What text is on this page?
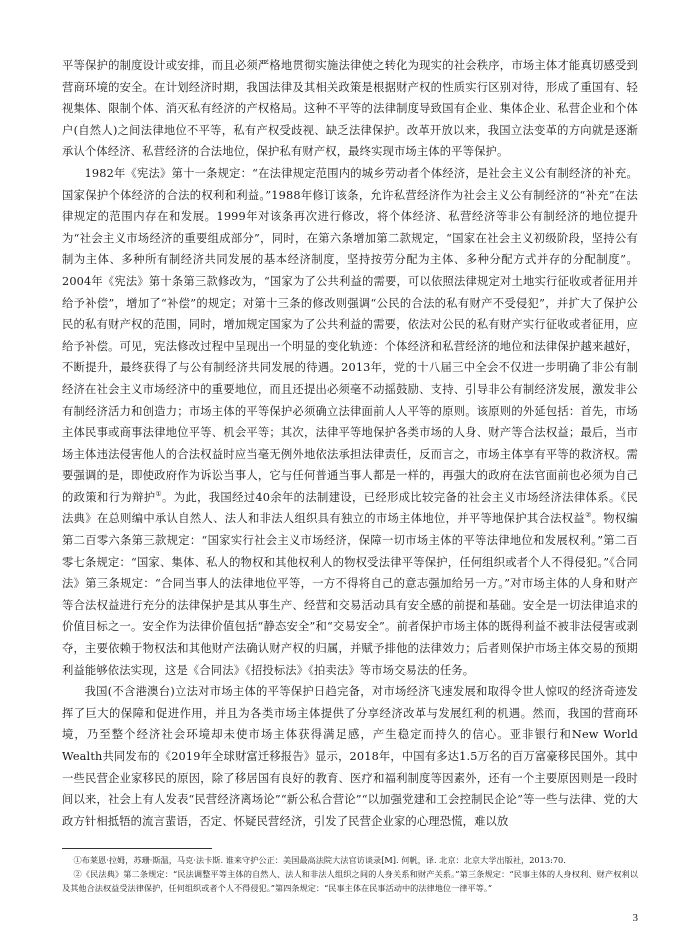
平等保护的制度设计或安排，而且必须严格地贯彻实施法律使之转化为现实的社会秩序，市场主体才能真切感受到营商环境的安全。在计划经济时期，我国法律及其相关政策是根据财产权的性质实行区别对待，形成了重国有、轻视集体、限制个体、消灭私有经济的产权格局。这种不平等的法律制度导致国有企业、集体企业、私营企业和个体户(自然人)之间法律地位不平等，私有产权受歧视、缺乏法律保护。改革开放以来，我国立法变革的方向就是逐渐承认个体经济、私营经济的合法地位，保护私有财产权，最终实现市场主体的平等保护。

1982年《宪法》第十一条规定：“在法律规定范围内的城乡劳动者个体经济，是社会主义公有制经济的补充。国家保护个体经济的合法的权利和利益。”1988年修订该条，允许私营经济作为社会主义公有制经济的“补充”在法律规定的范围内存在和发展。1999年对该条再次进行修改，将个体经济、私营经济等非公有制经济的地位提升为“社会主义市场经济的重要组成部分”，同时，在第六条增加第二款规定，“国家在社会主义初级阶段，坚持公有制为主体、多种所有制经济共同发展的基本经济制度，坚持按劳分配为主体、多种分配方式并存的分配制度”。2004年《宪法》第十条第三款修改为，“国家为了公共利益的需要，可以依照法律规定对土地实行征收或者征用并给予补偿”，增加了“补偿”的规定；对第十三条的修改则强调“公民的合法的私有财产不受侵犯”，并扩大了保护公民的私有财产权的范围，同时，增加规定国家为了公共利益的需要，依法对公民的私有财产实行征收或者征用，应给予补偿。可见，宪法修改过程中呈现出一个明显的变化轨迹：个体经济和私营经济的地位和法律保护越来越好，不断提升，最终获得了与公有制经济共同发展的待遇。2013年，党的十八届三中全会不仅进一步明确了非公有制经济在社会主义市场经济中的重要地位，而且还提出必须毫不动摇鼓励、支持、引导非公有制经济发展，激发非公有制经济活力和创造力；市场主体的平等保护必须确立法律面前人人平等的原则。该原则的外延包括：首先，市场主体民事或商事法律地位平等、机会平等；其次，法律平等地保护各类市场的人身、财产等合法权益；最后，当市场主体违法侵害他人的合法权益时应当毫无例外地依法承担法律责任，反而言之，市场主体享有平等的救济权。需要强调的是，即使政府作为诉讼当事人，它与任何普通当事人都是一样的，再强大的政府在法官面前也必须为自己的政策和行为辩护①。为此，我国经过40余年的法制建设，已经形成比较完备的社会主义市场经济法律体系。《民法典》在总则编中承认自然人、法人和非法人组织具有独立的市场主体地位，并平等地保护其合法权益②。物权编第二百零六条第三款规定：“国家实行社会主义市场经济，保障一切市场主体的平等法律地位和发展权利。”第二百零七条规定：“国家、集体、私人的物权和其他权利人的物权受法律平等保护，任何组织或者个人不得侵犯。”《合同法》第三条规定：“合同当事人的法律地位平等，一方不得将自己的意志强加给另一方。”对市场主体的人身和财产等合法权益进行充分的法律保护是其从事生产、经营和交易活动具有安全感的前提和基础。安全是一切法律追求的价值目标之一。安全作为法律价值包括“静态安全”和“交易安全”。前者保护市场主体的既得利益不被非法侵害或剥夺，主要依赖于物权法和其他财产法确认财产权的归属，并赋予排他的法律效力；后者则保护市场主体交易的预期利益能够依法实现，这是《合同法》《招投标法》《拍卖法》等市场交易法的任务。

我国(不含港澳台)立法对市场主体的平等保护日趋完备，对市场经济飞速发展和取得令世人惊叹的经济奇迹发挥了巨大的保障和促进作用，并且为各类市场主体提供了分享经济改革与发展红利的机遇。然而，我国的营商环境，乃至整个经济社会环境却未使市场主体获得满足感，产生稳定而持久的信心。亚非银行和New World Wealth共同发布的《2019年全球财富迁移报告》显示，2018年，中国有多达1.5万名的百万富豪移民国外。其中一些民营企业家移民的原因，除了移居国有良好的教育、医疗和福利制度等因素外，还有一个主要原因则是一段时间以来，社会上有人发表“民营经济离场论”“新公私合营论”“以加强党建和工会控制民企论”等一些与法律、党的大政方针相抵牾的流言蜚语，否定、怀疑民营经济，引发了民营企业家的心理恐慌，难以放

①布莱恩·拉姆，苏珊·斯温，马克·法卡斯. 谁来守护公正：美国最高法院大法官访谈录[M]. 何帆，译. 北京：北京大学出版社，2013:70.

②《民法典》第二条规定：“民法调整平等主体的自然人、法人和非法人组织之间的人身关系和财产关系。”第三条规定：“民事主体的人身权利、财产权利以及其他合法权益受法律保护，任何组织或者个人不得侵犯。”第四条规定：“民事主体在民事活动中的法律地位一律平等。”

3
